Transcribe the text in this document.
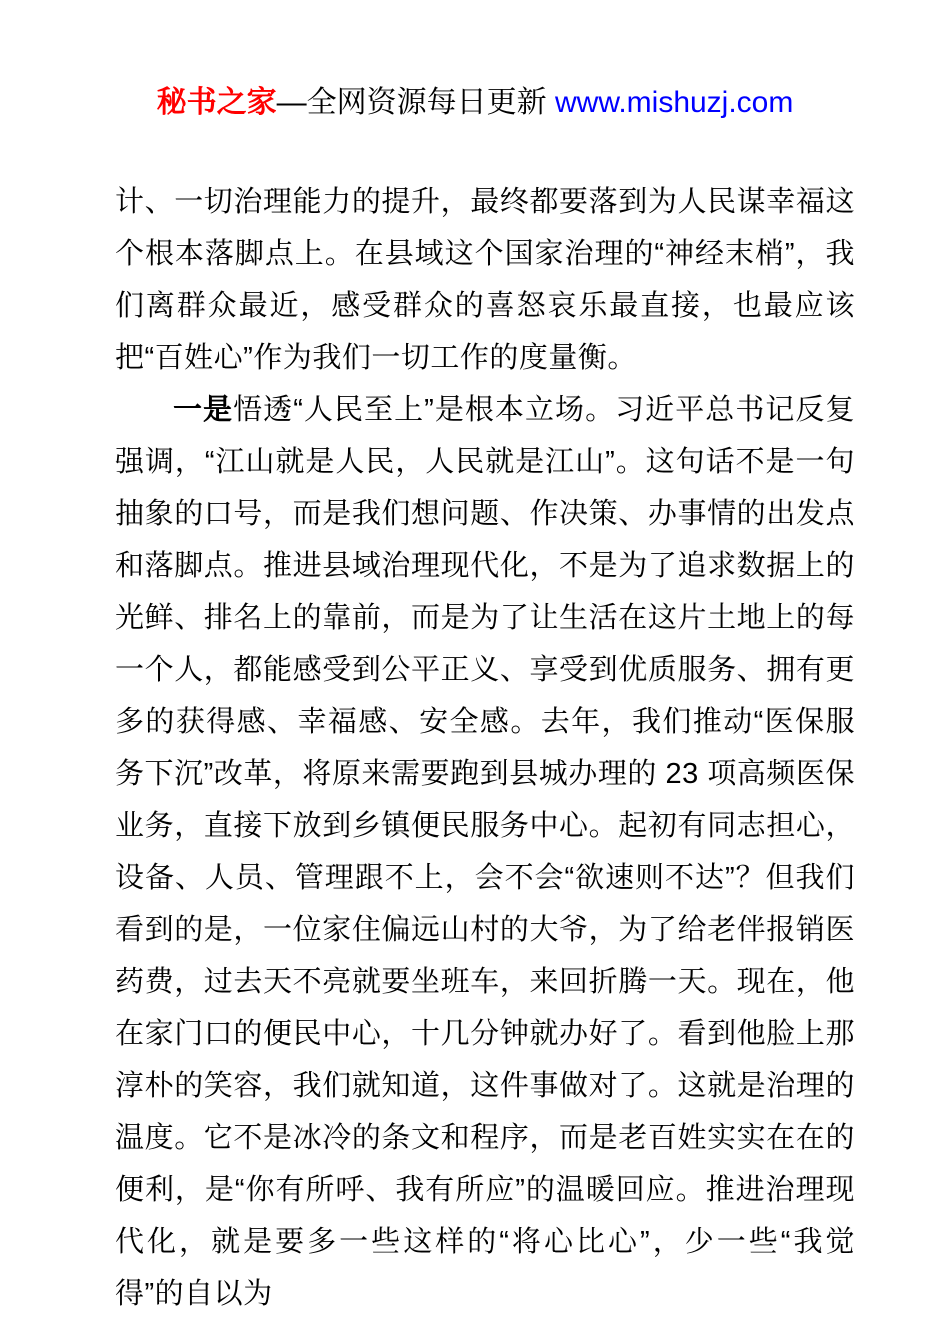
秘书之家—全网资源每日更新 www.mishuzj.com

计、一切治理能力的提升，最终都要落到为人民谋幸福这个根本落脚点上。在县域这个国家治理的“神经末梢”，我们离群众最近，感受群众的喜怒哀乐最直接，也最应该把“百姓心”作为我们一切工作的度量衡。

一是悟透“人民至上”是根本立场。习近平总书记反复强调，“江山就是人民，人民就是江山”。这句话不是一句抽象的口号，而是我们想问题、作决策、办事情的出发点和落脚点。推进县域治理现代化，不是为了追求数据上的光鲜、排名上的靠前，而是为了让生活在这片土地上的每一个人，都能感受到公平正义、享受到优质服务、拥有更多的获得感、幸福感、安全感。去年，我们推动“医保服务下沉”改革，将原来需要跑到县城办理的 23 项高频医保业务，直接下放到乡镇便民服务中心。起初有同志担心，设备、人员、管理跟不上，会不会“欲速则不达”？但我们看到的是，一位家住偏远山村的大爷，为了给老伴报销医药费，过去天不亮就要坐班车，来回折腾一天。现在，他在家门口的便民中心，十几分钟就办好了。看到他脸上那淳朴的笑容，我们就知道，这件事做对了。这就是治理的温度。它不是冰冷的条文和程序，而是老百姓实实在在的便利，是“你有所呼、我有所应”的温暖回应。推进治理现代化，就是要多一些这样的“将心比心”，少一些“我觉得”的自以为
